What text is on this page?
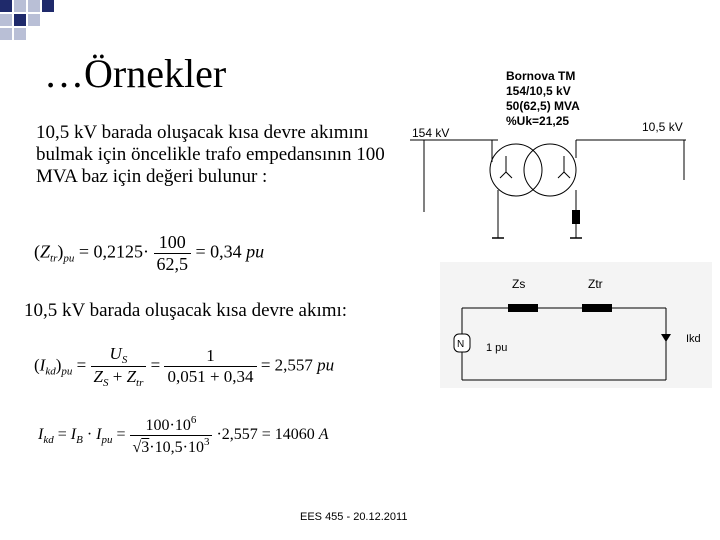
…Örnekler
10,5 kV barada oluşacak kısa devre akımını bulmak için öncelikle trafo empedansının 100 MVA baz için değeri bulunur :
$(Z_{tr})_{pu} = 0,2125\cdot \frac{100}{62,5} = 0,34$ pu
10,5 kV barada oluşacak kısa devre akımı:
$(I_{kd})_{pu} = \frac{U_S}{Z_S + Z_{tr}} = \frac{1}{0,051 + 0,34} = 2,557$ pu
$I_{kd} = I_B \cdot I_{pu} = \frac{100\cdot 10^6}{√3\cdot 10,5\cdot 10^3} \cdot 2,557 = 14060$ A
Bornova TM
154/10,5 kV
50(62,5) MVA
%Uk=21,25
154 kV	10,5 kV
Zs	Ztr
Ikd
N 1 pu
EES 455 - 20.12.2011
